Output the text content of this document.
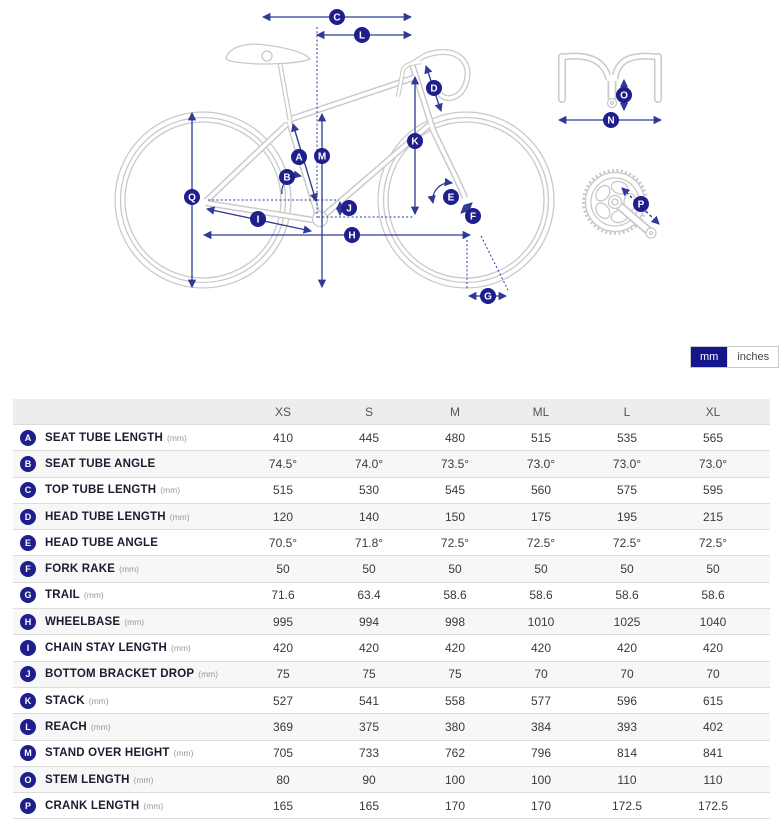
C
L
D
O
N
K
M
A
B
Q	E
P
J
F
I
H
G
mm	inches
XS	S	M	ML	L	XL
A	SEAT TUBE LENGTH (mm)	410	445	480	515	535	565
B	SEAT TUBE ANGLE	74.5°	74.0°	73.5°	73.0°	73.0°	73.0°
C	TOP TUBE LENGTH (mm)	515	530	545	560	575	595
D	HEAD TUBE LENGTH (mm)	120	140	150	175	195	215
E	HEAD TUBE ANGLE	70.5°	71.8°	72.5°	72.5°	72.5°	72.5°
F	FORK RAKE (mm)	50	50	50	50	50	50
G	TRAIL (mm)	71.6	63.4	58.6	58.6	58.6	58.6
H	WHEELBASE (mm)	995	994	998	1010	1025	1040
I	CHAIN STAY LENGTH (mm)	420	420	420	420	420	420
J	BOTTOM BRACKET DROP (mm)	75	75	75	70	70	70
K	STACK (mm)	527	541	558	577	596	615
L	REACH (mm)	369	375	380	384	393	402
M	STAND OVER HEIGHT (mm)	705	733	762	796	814	841
O	STEM LENGTH (mm)	80	90	100	100	110	110
P	CRANK LENGTH (mm)	165	165	170	170	172.5	172.5
